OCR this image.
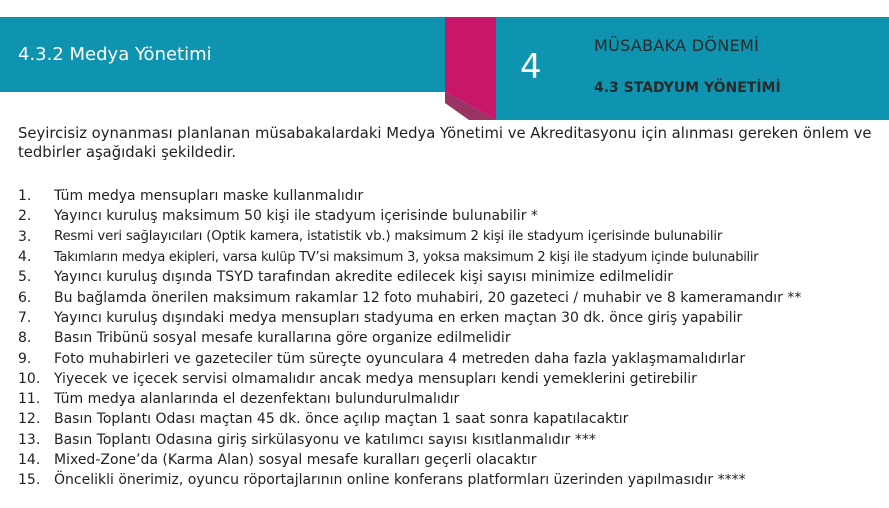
4.3.2 Medya Yönetimi	4
MÜSABAKA DÖNEMİ
4.3 STADYUM YÖNETİMİ

Seyircisiz oynanması planlanan müsabakalardaki Medya Yönetimi ve Akreditasyonu için alınması gereken önlem ve tedbirler aşağıdaki şekildedir.

1.	Tüm medya mensupları maske kullanmalıdır
2.	Yayıncı kuruluş maksimum 50 kişi ile stadyum içerisinde bulunabilir *
3.	Resmi veri sağlayıcıları (Optik kamera, istatistik vb.) maksimum 2 kişi ile stadyum içerisinde bulunabilir
4.	Takımların medya ekipleri, varsa kulüp TV’si maksimum 3, yoksa maksimum 2 kişi ile stadyum içinde bulunabilir
5.	Yayıncı kuruluş dışında TSYD tarafından akredite edilecek kişi sayısı minimize edilmelidir
6.	Bu bağlamda önerilen maksimum rakamlar 12 foto muhabiri, 20 gazeteci / muhabir ve 8 kameramandır **
7.	Yayıncı kuruluş dışındaki medya mensupları stadyuma en erken maçtan 30 dk. önce giriş yapabilir
8.	Basın Tribünü sosyal mesafe kurallarına göre organize edilmelidir
9.	Foto muhabirleri ve gazeteciler tüm süreçte oyunculara 4 metreden daha fazla yaklaşmamalıdırlar
10. Yiyecek ve içecek servisi olmamalıdır ancak medya mensupları kendi yemeklerini getirebilir
11. Tüm medya alanlarında el dezenfektanı bulundurulmalıdır
12. Basın Toplantı Odası maçtan 45 dk. önce açılıp maçtan 1 saat sonra kapatılacaktır
13. Basın Toplantı Odasına giriş sirkülasyonu ve katılımcı sayısı kısıtlanmalıdır ***
14. Mixed-Zone’da (Karma Alan) sosyal mesafe kuralları geçerli olacaktır
15. Öncelikli önerimiz, oyuncu röportajlarının online konferans platformları üzerinden yapılmasıdır ****
